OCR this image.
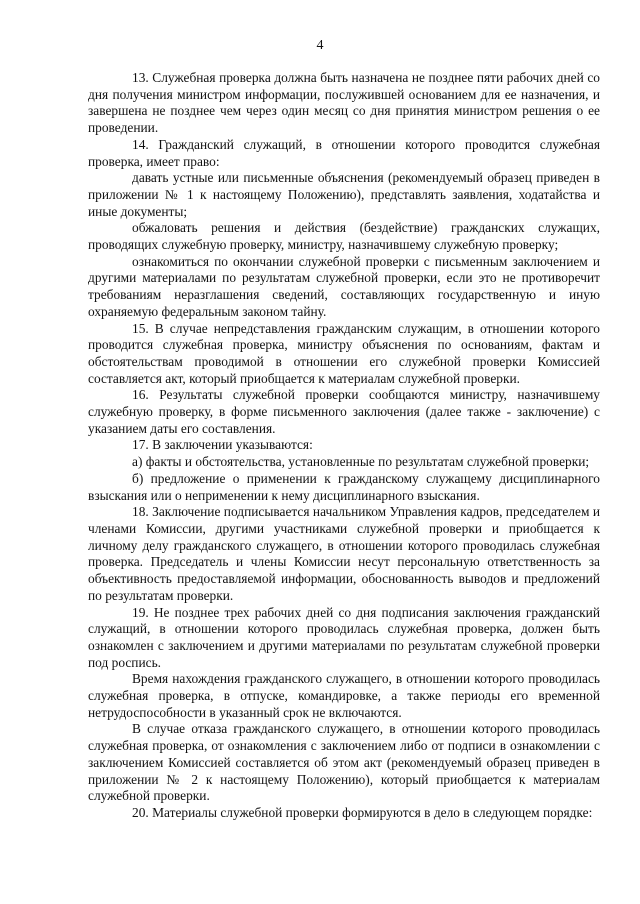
4

13. Служебная проверка должна быть назначена не позднее пяти рабочих дней со дня получения министром информации, послужившей основанием для ее назначения, и завершена не позднее чем через один месяц со дня принятия министром решения о ее проведении.

14. Гражданский служащий, в отношении которого проводится служебная проверка, имеет право:

давать устные или письменные объяснения (рекомендуемый образец приведен в приложении № 1 к настоящему Положению), представлять заявления, ходатайства и иные документы;

обжаловать решения и действия (бездействие) гражданских служащих, проводящих служебную проверку, министру, назначившему служебную проверку;

ознакомиться по окончании служебной проверки с письменным заключением и другими материалами по результатам служебной проверки, если это не противоречит требованиям неразглашения сведений, составляющих государственную и иную охраняемую федеральным законом тайну.

15. В случае непредставления гражданским служащим, в отношении которого проводится служебная проверка, министру объяснения по основаниям, фактам и обстоятельствам проводимой в отношении его служебной проверки Комиссией составляется акт, который приобщается к материалам служебной проверки.

16. Результаты служебной проверки сообщаются министру, назначившему служебную проверку, в форме письменного заключения (далее также - заключение) с указанием даты его составления.

17. В заключении указываются:

а) факты и обстоятельства, установленные по результатам служебной проверки;

б) предложение о применении к гражданскому служащему дисциплинарного взыскания или о неприменении к нему дисциплинарного взыскания.

18. Заключение подписывается начальником Управления кадров, председателем и членами Комиссии, другими участниками служебной проверки и приобщается к личному делу гражданского служащего, в отношении которого проводилась служебная проверка. Председатель и члены Комиссии несут персональную ответственность за объективность предоставляемой информации, обоснованность выводов и предложений по результатам проверки.

19. Не позднее трех рабочих дней со дня подписания заключения гражданский служащий, в отношении которого проводилась служебная проверка, должен быть ознакомлен с заключением и другими материалами по результатам служебной проверки под роспись.

Время нахождения гражданского служащего, в отношении которого проводилась служебная проверка, в отпуске, командировке, а также периоды его временной нетрудоспособности в указанный срок не включаются.

В случае отказа гражданского служащего, в отношении которого проводилась служебная проверка, от ознакомления с заключением либо от подписи в ознакомлении с заключением Комиссией составляется об этом акт (рекомендуемый образец приведен в приложении № 2 к настоящему Положению), который приобщается к материалам служебной проверки.

20. Материалы служебной проверки формируются в дело в следующем порядке:
